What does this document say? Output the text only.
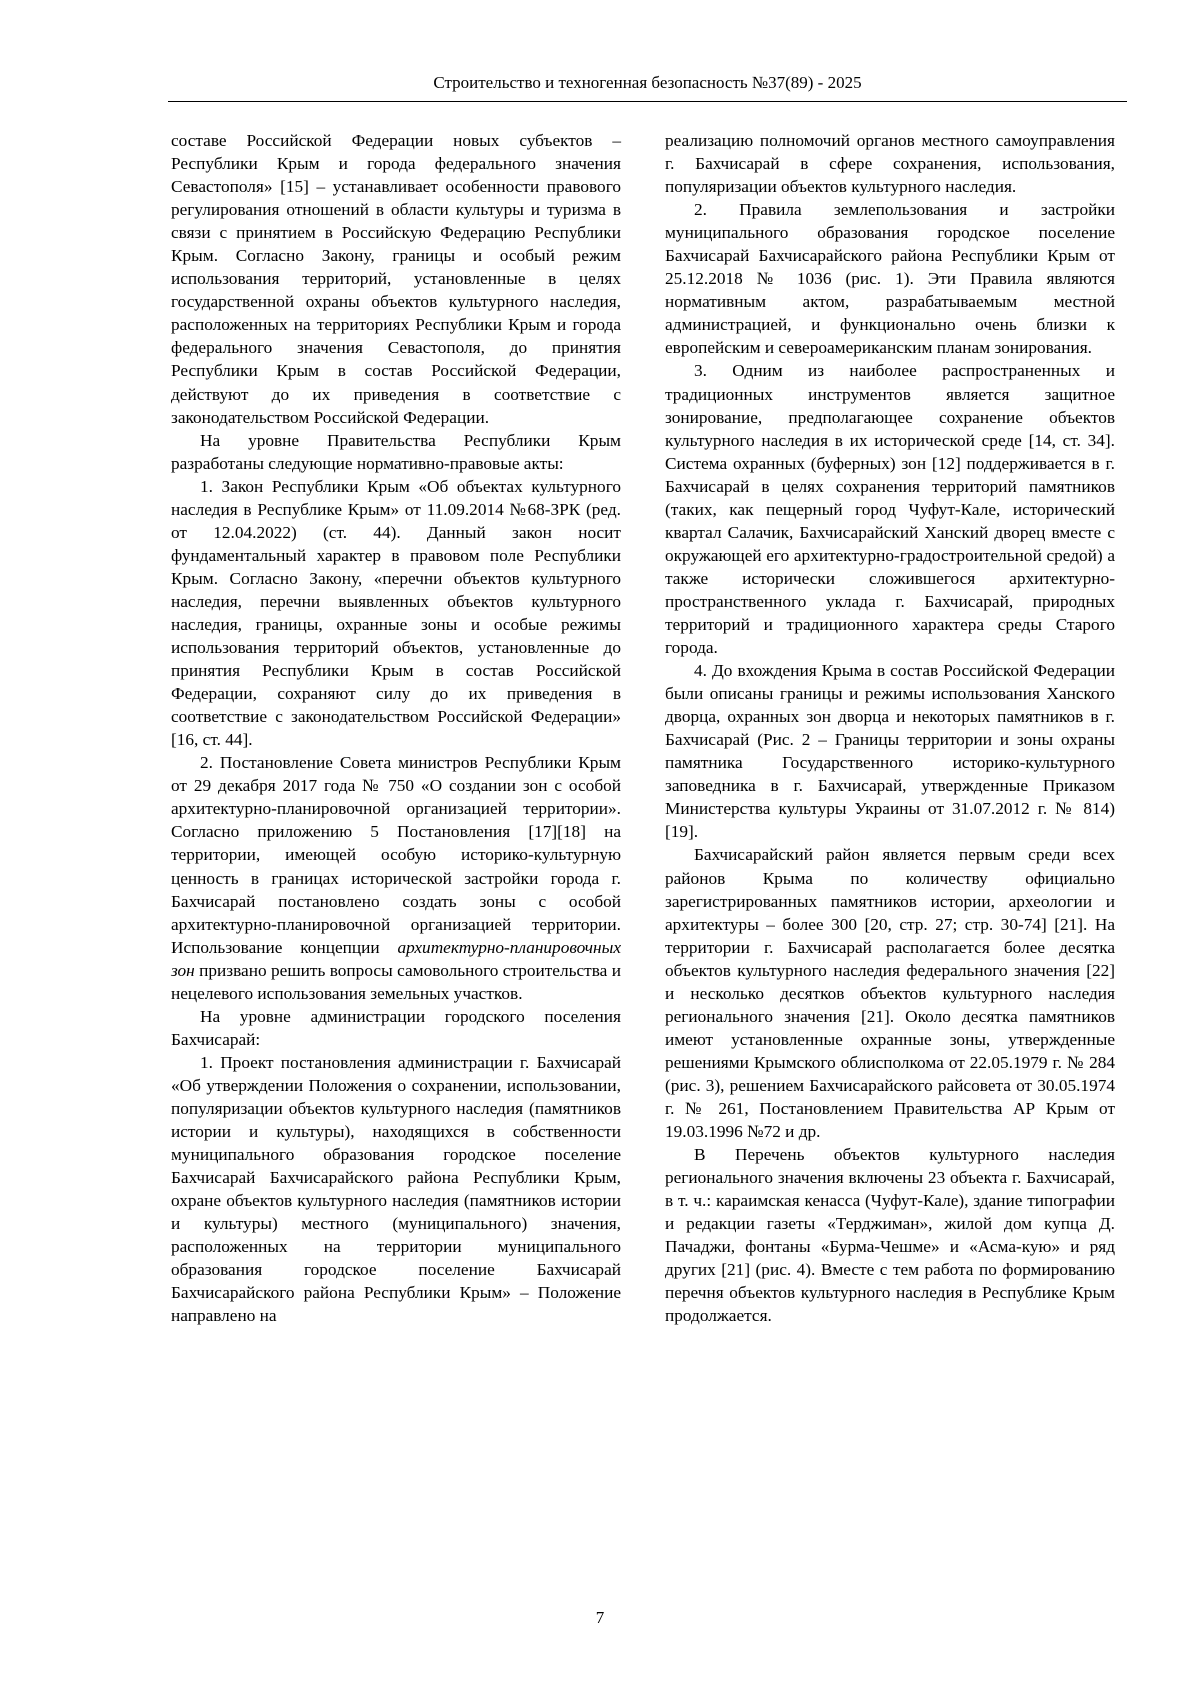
Строительство и техногенная безопасность №37(89) - 2025

составе Российской Федерации новых субъектов – Республики Крым и города федерального значения Севастополя» [15] – устанавливает особенности правового регулирования отношений в области культуры и туризма в связи с принятием в Российскую Федерацию Республики Крым. Согласно Закону, границы и особый режим использования территорий, установленные в целях государственной охраны объектов культурного наследия, расположенных на территориях Республики Крым и города федерального значения Севастополя, до принятия Республики Крым в состав Российской Федерации, действуют до их приведения в соответствие с законодательством Российской Федерации.

На уровне Правительства Республики Крым разработаны следующие нормативно-правовые акты:

1. Закон Республики Крым «Об объектах культурного наследия в Республике Крым» от 11.09.2014 №68-ЗРК (ред. от 12.04.2022) (ст. 44). Данный закон носит фундаментальный характер в правовом поле Республики Крым. Согласно Закону, «перечни объектов культурного наследия, перечни выявленных объектов культурного наследия, границы, охранные зоны и особые режимы использования территорий объектов, установленные до принятия Республики Крым в состав Российской Федерации, сохраняют силу до их приведения в соответствие с законодательством Российской Федерации» [16, ст. 44].

2. Постановление Совета министров Республики Крым от 29 декабря 2017 года № 750 «О создании зон с особой архитектурно-планировочной организацией территории». Согласно приложению 5 Постановления [17][18] на территории, имеющей особую историко-культурную ценность в границах исторической застройки города г. Бахчисарай постановлено создать зоны с особой архитектурно-планировочной организацией территории. Использование концепции архитектурно-планировочных зон призвано решить вопросы самовольного строительства и нецелевого использования земельных участков.

На уровне администрации городского поселения Бахчисарай:

1. Проект постановления администрации г. Бахчисарай «Об утверждении Положения о сохранении, использовании, популяризации объектов культурного наследия (памятников истории и культуры), находящихся в собственности муниципального образования городское поселение Бахчисарай Бахчисарайского района Республики Крым, охране объектов культурного наследия (памятников истории и культуры) местного (муниципального) значения, расположенных на территории муниципального образования городское поселение Бахчисарай Бахчисарайского района Республики Крым» – Положение направлено на

реализацию полномочий органов местного самоуправления г. Бахчисарай в сфере сохранения, использования, популяризации объектов культурного наследия.

2. Правила землепользования и застройки муниципального образования городское поселение Бахчисарай Бахчисарайского района Республики Крым от 25.12.2018 № 1036 (рис. 1). Эти Правила являются нормативным актом, разрабатываемым местной администрацией, и функционально очень близки к европейским и североамериканским планам зонирования.

3. Одним из наиболее распространенных и традиционных инструментов является защитное зонирование, предполагающее сохранение объектов культурного наследия в их исторической среде [14, ст. 34]. Система охранных (буферных) зон [12] поддерживается в г. Бахчисарай в целях сохранения территорий памятников (таких, как пещерный город Чуфут-Кале, исторический квартал Салачик, Бахчисарайский Ханский дворец вместе с окружающей его архитектурно-градостроительной средой) а также исторически сложившегося архитектурно-пространственного уклада г. Бахчисарай, природных территорий и традиционного характера среды Старого города.

4. До вхождения Крыма в состав Российской Федерации были описаны границы и режимы использования Ханского дворца, охранных зон дворца и некоторых памятников в г. Бахчисарай (Рис. 2 – Границы территории и зоны охраны памятника Государственного историко-культурного заповедника в г. Бахчисарай, утвержденные Приказом Министерства культуры Украины от 31.07.2012 г. № 814) [19].

Бахчисарайский район является первым среди всех районов Крыма по количеству официально зарегистрированных памятников истории, археологии и архитектуры – более 300 [20, стр. 27; стр. 30-74] [21]. На территории г. Бахчисарай располагается более десятка объектов культурного наследия федерального значения [22] и несколько десятков объектов культурного наследия регионального значения [21]. Около десятка памятников имеют установленные охранные зоны, утвержденные решениями Крымского облисполкома от 22.05.1979 г. № 284 (рис. 3), решением Бахчисарайского райсовета от 30.05.1974 г. № 261, Постановлением Правительства АР Крым от 19.03.1996 №72 и др.

В Перечень объектов культурного наследия регионального значения включены 23 объекта г. Бахчисарай, в т. ч.: караимская кенасса (Чуфут-Кале), здание типографии и редакции газеты «Терджиман», жилой дом купца Д. Пачаджи, фонтаны «Бурма-Чешме» и «Асма-кую» и ряд других [21] (рис. 4). Вместе с тем работа по формированию перечня объектов культурного наследия в Республике Крым продолжается.

7
